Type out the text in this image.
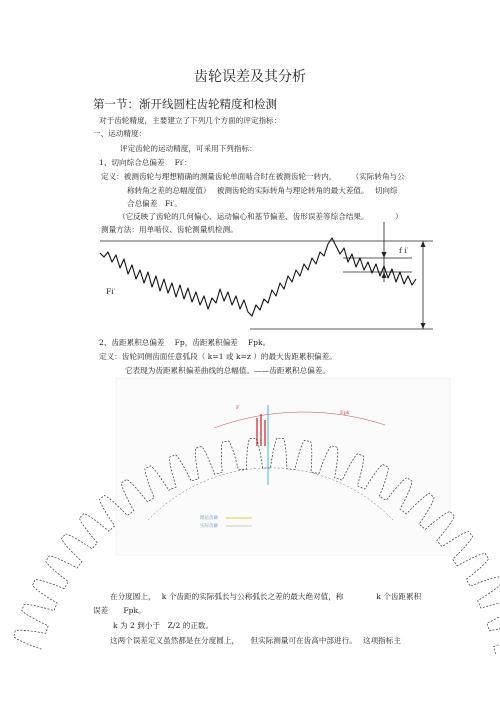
齿轮误差及其分析
第一节：渐开线圆柱齿轮精度和检测
对于齿轮精度，主要建立了下列几个方面的评定指标：
一、运动精度：
评定齿轮的运动精度，可采用下列指标：
1、切向综合总偏差　 Fi′：
定义：被测齿轮与理想精确的测量齿轮单面啮合时在被测齿轮一转内，　　　（实际转角与公
称转角之差的总幅度值）　 被测齿轮的实际转角与理论转角的最大差值。　 切向综
合总偏差　Fi′。
（它反映了齿轮的几何偏心、运动偏心和基节偏差、齿形误差等综合结果。　　　　）
测量方法：用单啮仪、齿轮测量机检测。
f i′
Fi′
2、齿距累积总偏差　 Fp，齿距累积偏差　 Fpk。
定义：齿轮同侧齿面任意弧段（ k=1 或 k=z ）的最大齿距累积偏差。
它表现为齿距累积偏差曲线的总幅值。——齿距累积总偏差。
F
Fpk
理论齿廓
实际齿廓
在分度圆上，　 k 个齿距的实际弧长与公称弧长之差的最大绝对值，称　　　　 k 个齿距累积
误差　　Fpk。
k 为 2 到小于　Z/2 的正数。
这两个误差定义虽然都是在分度圆上，　　但实际测量可在齿高中部进行。　 这项指标主
